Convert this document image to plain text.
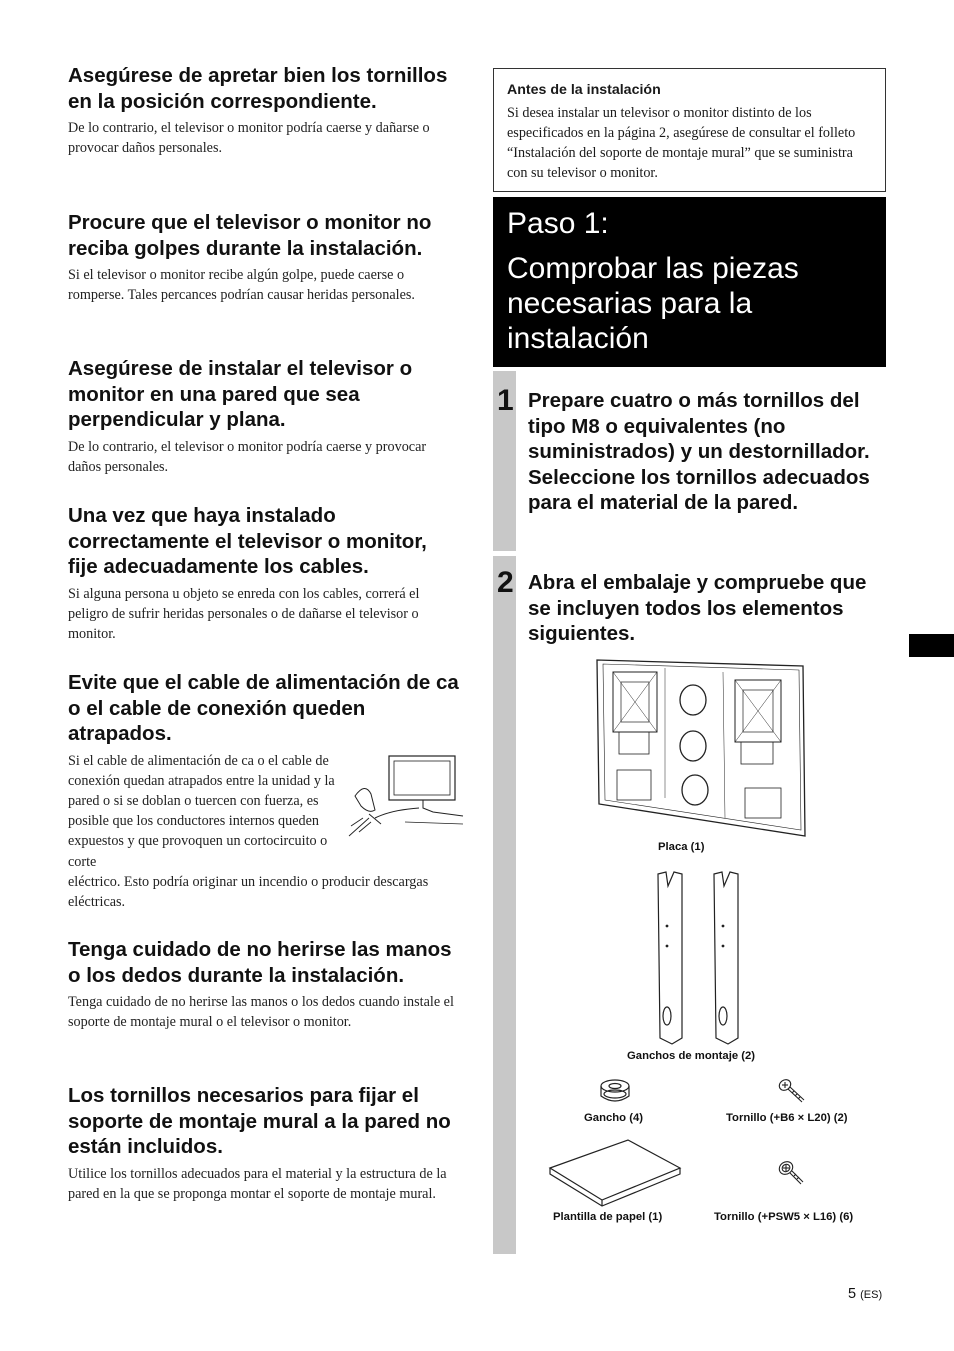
Asegúrese de apretar bien los tornillos en la posición correspondiente.

De lo contrario, el televisor o monitor podría caerse y dañarse o provocar daños personales.

Procure que el televisor o monitor no reciba golpes durante la instalación.

Si el televisor o monitor recibe algún golpe, puede caerse o romperse. Tales percances podrían causar heridas personales.

Asegúrese de instalar el televisor o monitor en una pared que sea perpendicular y plana.

De lo contrario, el televisor o monitor podría caerse y provocar daños personales.

Una vez que haya instalado correctamente el televisor o monitor, fije adecuadamente los cables.

Si alguna persona u objeto se enreda con los cables, correrá el peligro de sufrir heridas personales o de dañarse el televisor o monitor.

Evite que el cable de alimentación de ca o el cable de conexión queden atrapados.

Si el cable de alimentación de ca o el cable de conexión quedan atrapados entre la unidad y la pared o si se doblan o tuercen con fuerza, es posible que los conductores internos queden expuestos y que provoquen un cortocircuito o corte

eléctrico. Esto podría originar un incendio o producir descargas eléctricas.

Tenga cuidado de no herirse las manos o los dedos durante la instalación.

Tenga cuidado de no herirse las manos o los dedos cuando instale el soporte de montaje mural o el televisor o monitor.

Los tornillos necesarios para fijar el soporte de montaje mural a la pared no están incluidos.

Utilice los tornillos adecuados para el material y la estructura de la pared en la que se proponga montar el soporte de montaje mural.

Antes de la instalación

Si desea instalar un televisor o monitor distinto de los especificados en la página 2, asegúrese de consultar el folleto “Instalación del soporte de montaje mural” que se suministra con su televisor o monitor.

Paso 1:

Comprobar las piezas necesarias para la instalación

1 Prepare cuatro o más tornillos del tipo M8 o equivalentes (no suministrados) y un destornillador. Seleccione los tornillos adecuados para el material de la pared.

2 Abra el embalaje y compruebe que se incluyen todos los elementos siguientes.

Placa (1)
Ganchos de montaje (2)
Gancho (4)	Tornillo (+B6 × L20) (2)
Plantilla de papel (1)	Tornillo (+PSW5 × L16) (6)
5 (ES)
